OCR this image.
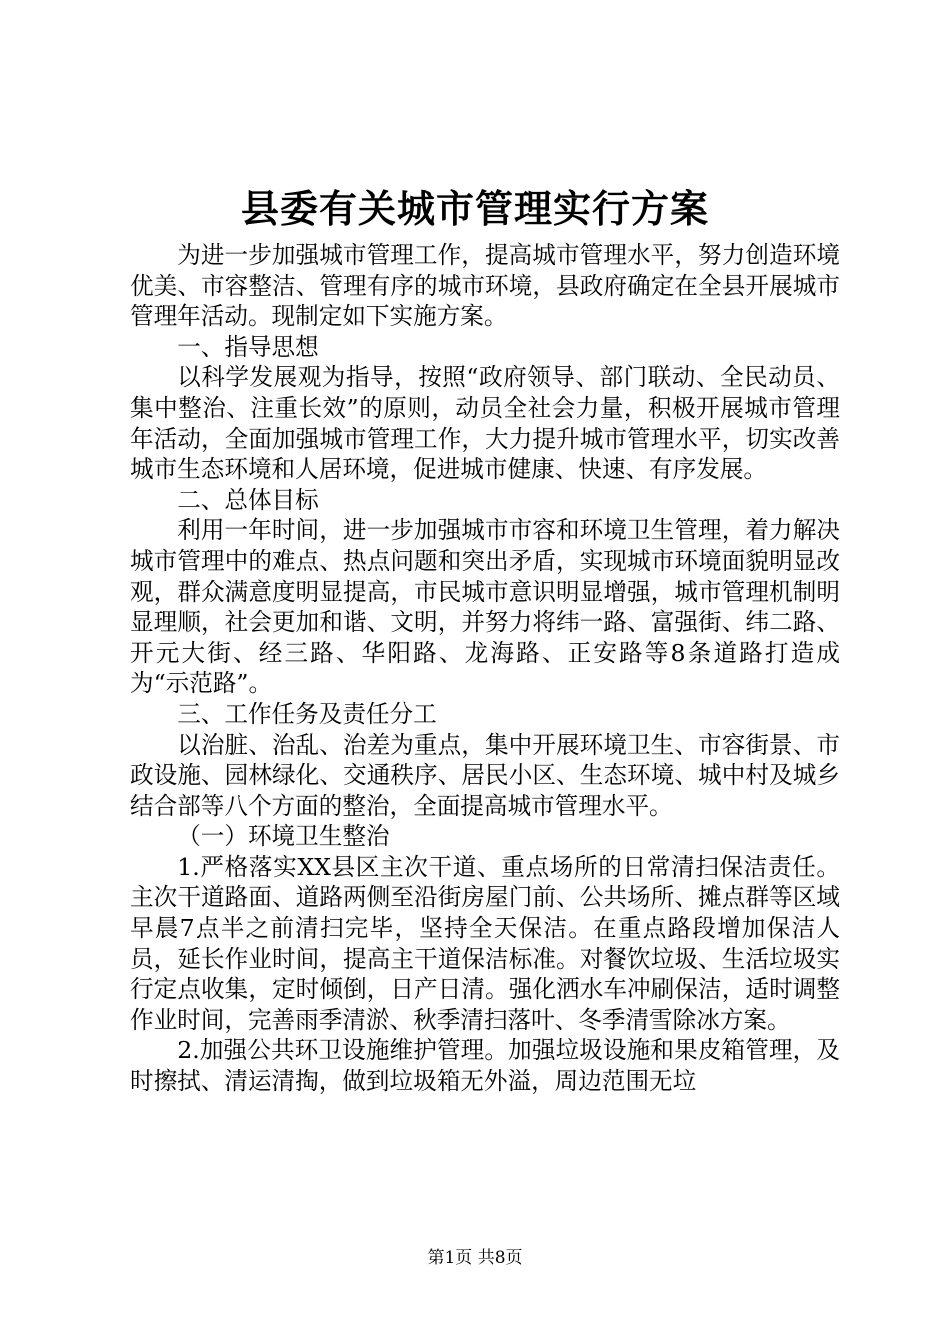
县委有关城市管理实行方案

为进一步加强城市管理工作，提高城市管理水平，努力创造环境优美、市容整洁、管理有序的城市环境，县政府确定在全县开展城市管理年活动。现制定如下实施方案。

一、指导思想

以科学发展观为指导，按照“政府领导、部门联动、全民动员、集中整治、注重长效”的原则，动员全社会力量，积极开展城市管理年活动，全面加强城市管理工作，大力提升城市管理水平，切实改善城市生态环境和人居环境，促进城市健康、快速、有序发展。

二、总体目标

利用一年时间，进一步加强城市市容和环境卫生管理，着力解决城市管理中的难点、热点问题和突出矛盾，实现城市环境面貌明显改观，群众满意度明显提高，市民城市意识明显增强，城市管理机制明显理顺，社会更加和谐、文明，并努力将纬一路、富强街、纬二路、开元大街、经三路、华阳路、龙海路、正安路等8条道路打造成为“示范路”。

三、工作任务及责任分工

以治脏、治乱、治差为重点，集中开展环境卫生、市容街景、市政设施、园林绿化、交通秩序、居民小区、生态环境、城中村及城乡结合部等八个方面的整治，全面提高城市管理水平。

（一）环境卫生整治

1.严格落实XX县区主次干道、重点场所的日常清扫保洁责任。主次干道路面、道路两侧至沿街房屋门前、公共场所、摊点群等区域早晨7点半之前清扫完毕，坚持全天保洁。在重点路段增加保洁人员，延长作业时间，提高主干道保洁标准。对餐饮垃圾、生活垃圾实行定点收集，定时倾倒，日产日清。强化洒水车冲刷保洁，适时调整作业时间，完善雨季清淤、秋季清扫落叶、冬季清雪除冰方案。

2.加强公共环卫设施维护管理。加强垃圾设施和果皮箱管理，及时擦拭、清运清掏，做到垃圾箱无外溢，周边范围无垃

第1页 共8页
